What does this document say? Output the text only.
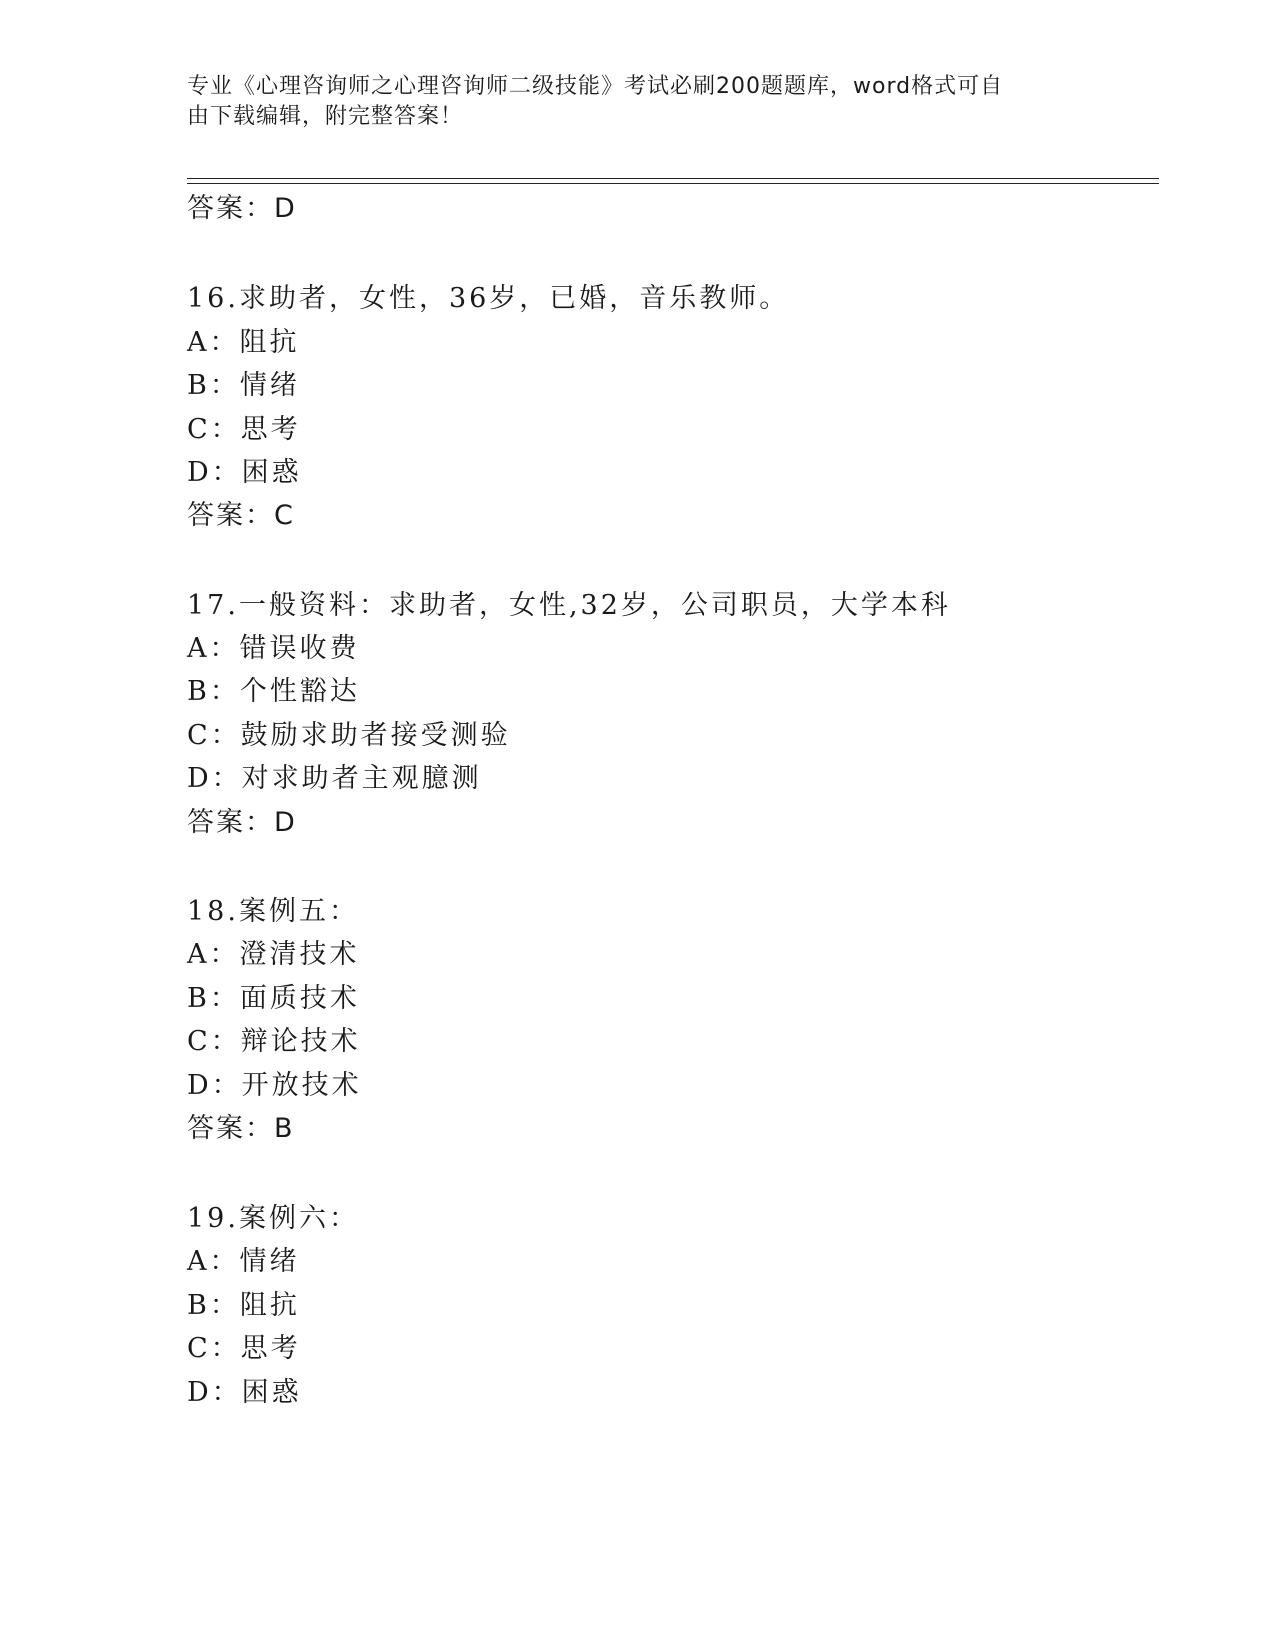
专业《心理咨询师之心理咨询师二级技能》考试必刷200题题库，word格式可自
由下载编辑，附完整答案！
答案：D
16.求助者，女性，36岁，已婚，音乐教师。
A：阻抗
B：情绪
C：思考
D：困惑
答案：C
17.一般资料：求助者，女性,32岁，公司职员，大学本科
A：错误收费
B：个性豁达
C：鼓励求助者接受测验
D：对求助者主观臆测
答案：D
18.案例五：
A：澄清技术
B：面质技术
C：辩论技术
D：开放技术
答案：B
19.案例六：
A：情绪
B：阻抗
C：思考
D：困惑
